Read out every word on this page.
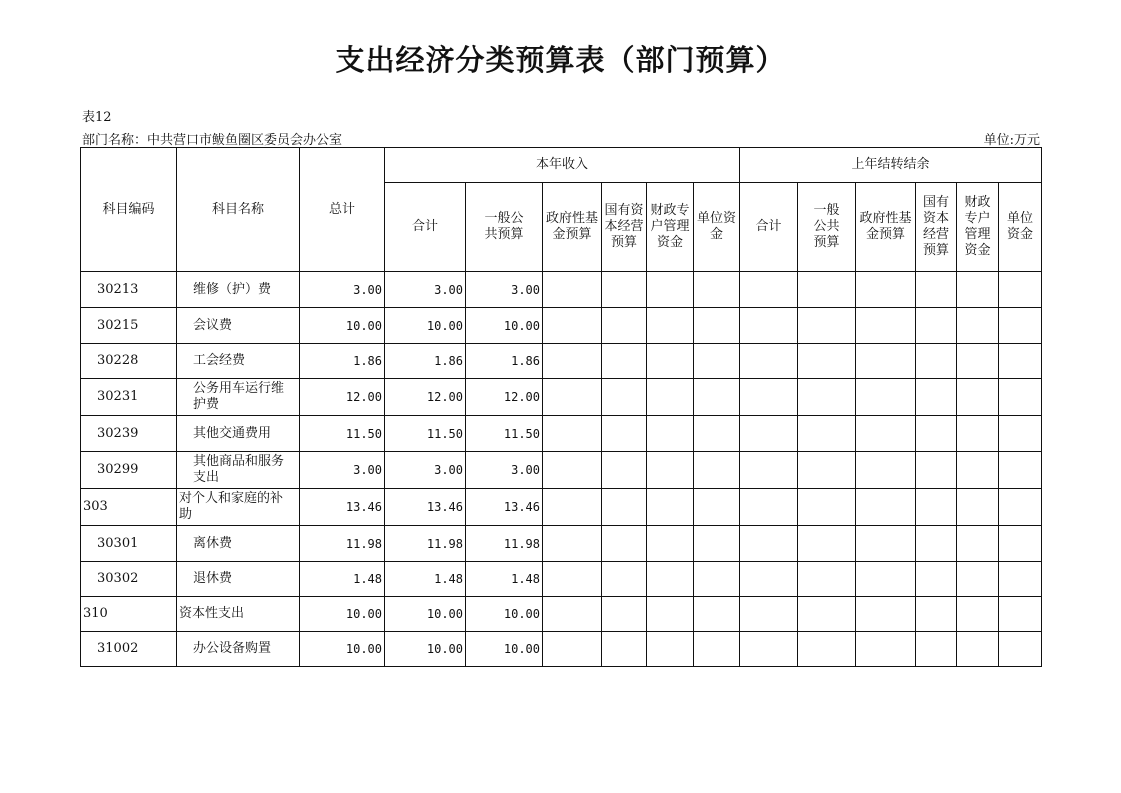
支出经济分类预算表（部门预算）
表12
部门名称：中共营口市鲅鱼圈区委员会办公室	单位:万元
科目编码	科目名称	总计	本年收入						上年结转结余					
			合计	一般公共预算	政府性基金预算	国有资本经营预算	财政专户管理资金	单位资金	合计	一般公共预算	政府性基金预算	国有资本经营预算	财政专户管理资金	单位资金
30213	维修（护）费	3.00	3.00	3.00										
30215	会议费	10.00	10.00	10.00										
30228	工会经费	1.86	1.86	1.86										
30231	公务用车运行维护费	12.00	12.00	12.00										
30239	其他交通费用	11.50	11.50	11.50										
30299	其他商品和服务支出	3.00	3.00	3.00										
303	对个人和家庭的补助	13.46	13.46	13.46										
30301	离休费	11.98	11.98	11.98										
30302	退休费	1.48	1.48	1.48										
310	资本性支出	10.00	10.00	10.00										
31002	办公设备购置	10.00	10.00	10.00										
